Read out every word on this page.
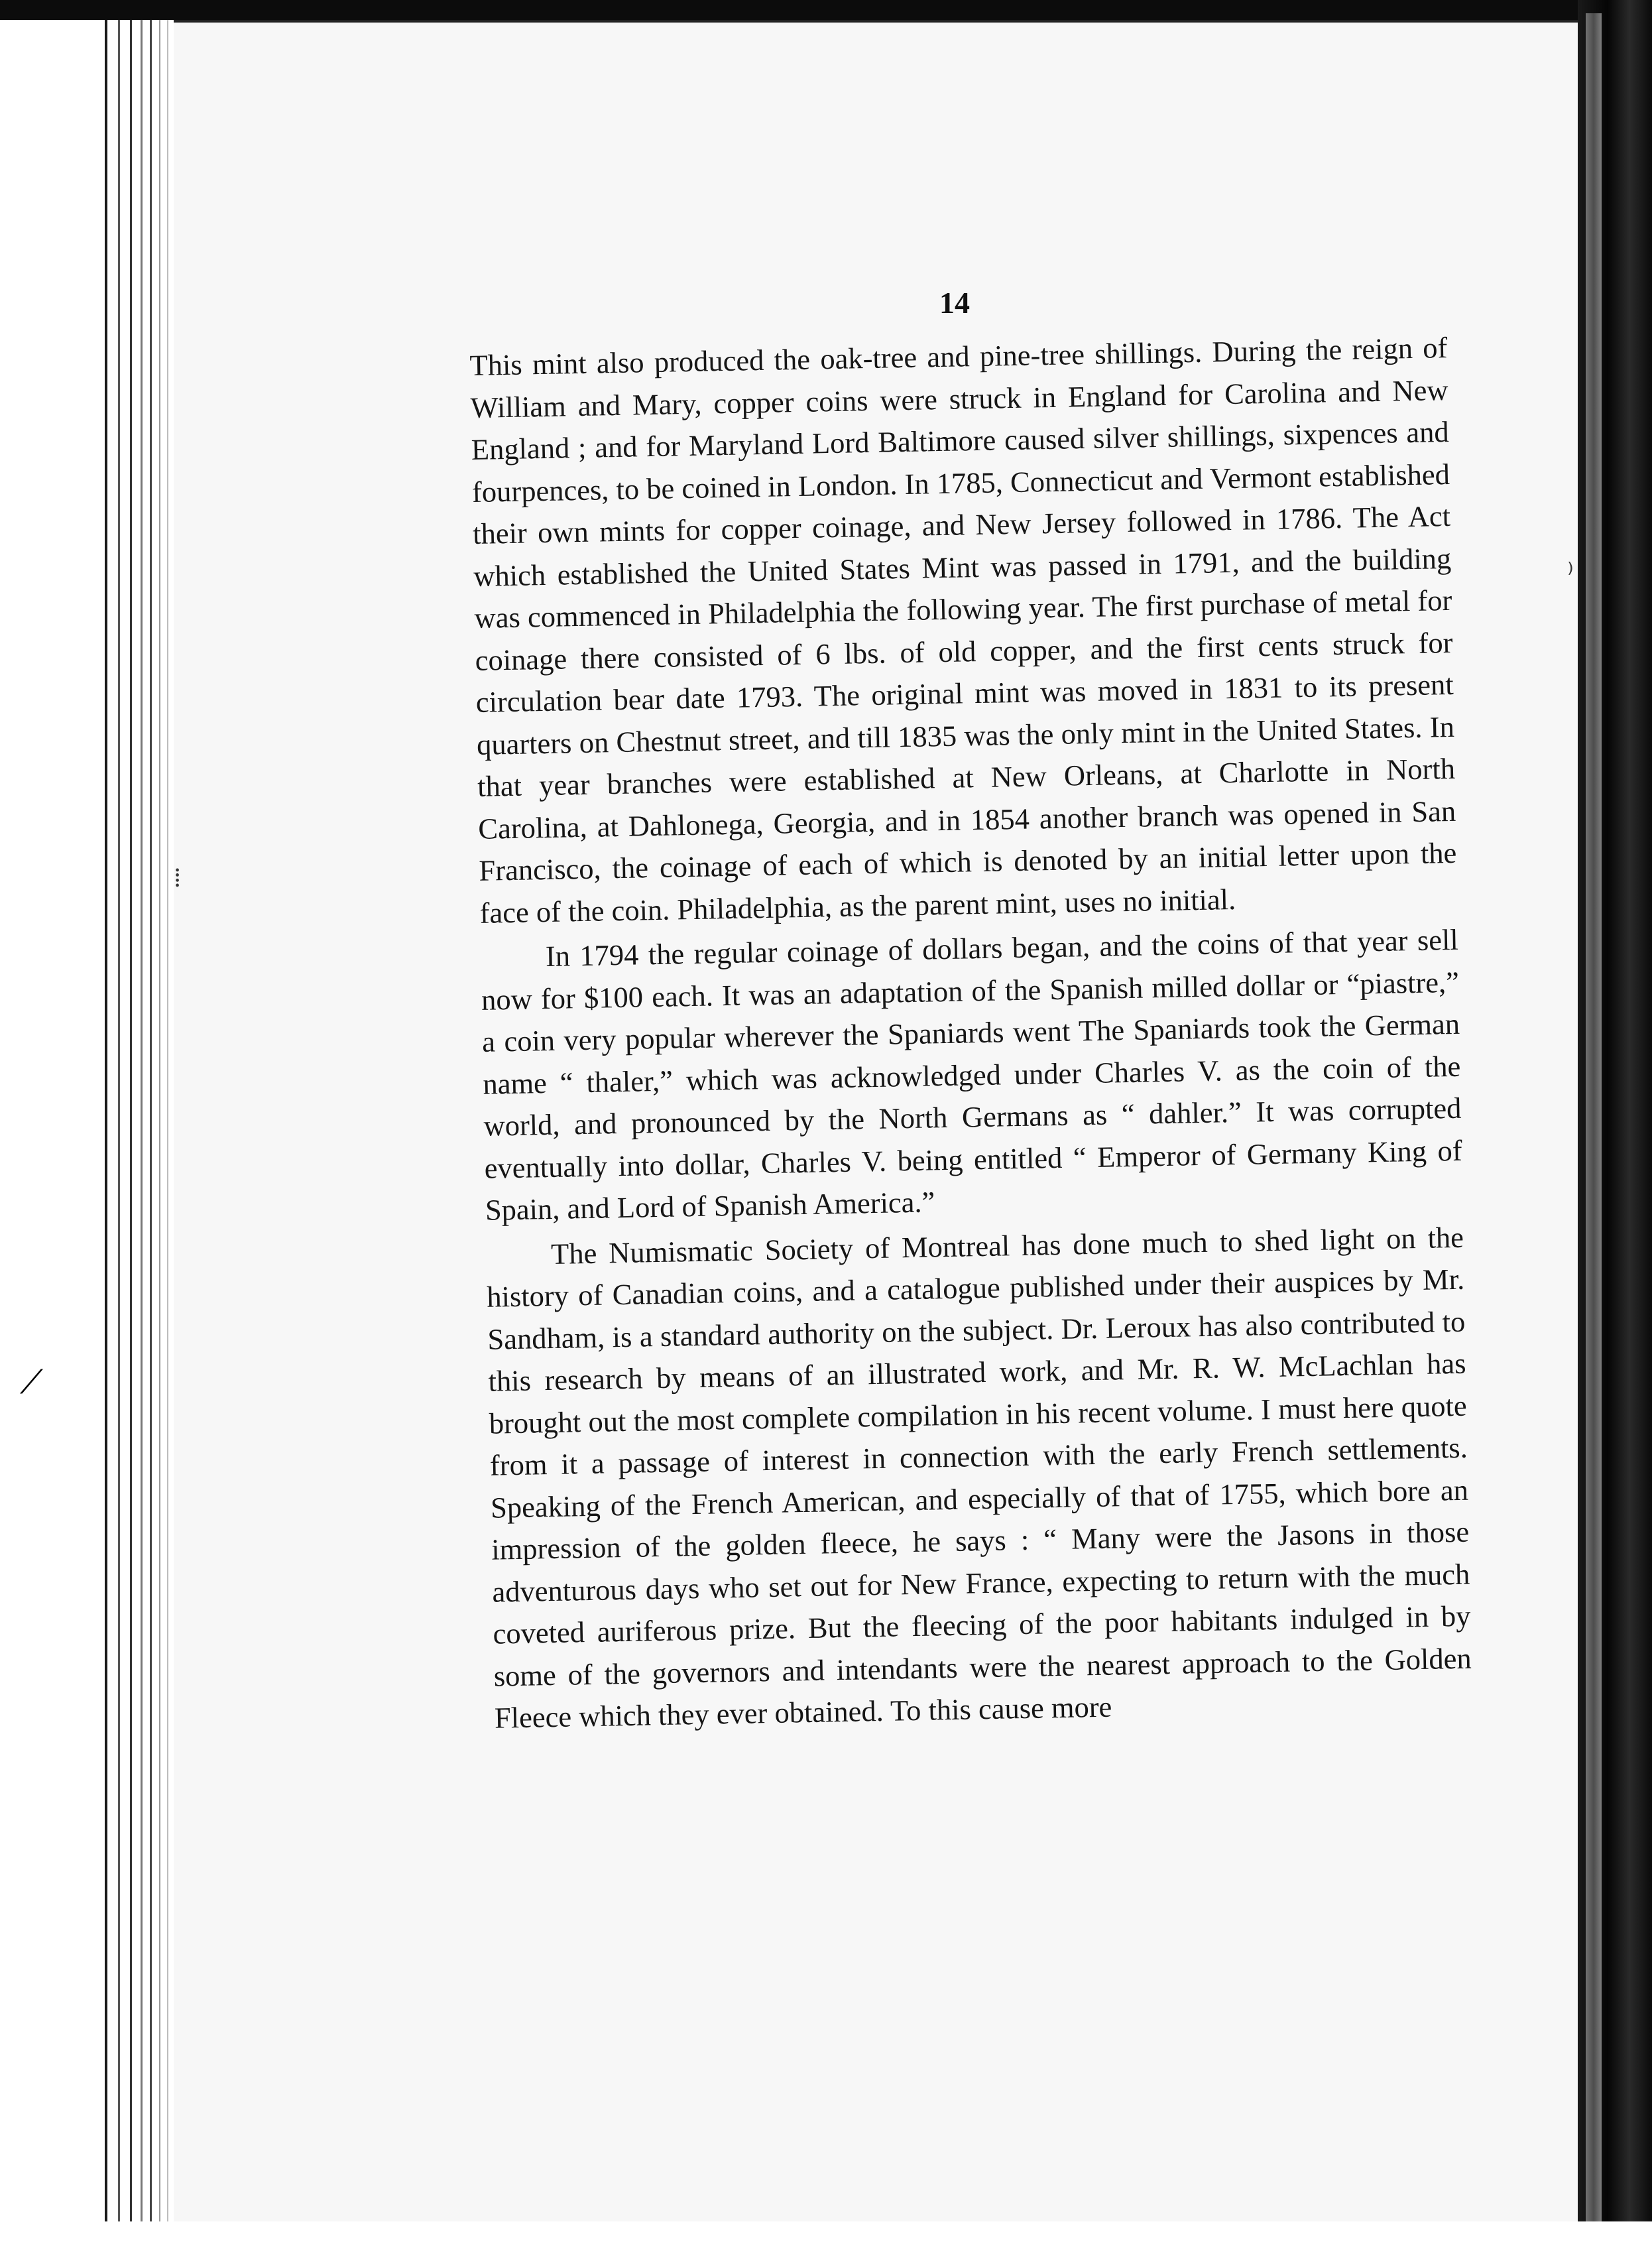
14

This mint also produced the oak-tree and pine-tree shillings. During the reign of William and Mary, copper coins were struck in England for Carolina and New England ; and for Maryland Lord Baltimore caused silver shillings, sixpences and fourpences, to be coined in London. In 1785, Connecticut and Vermont established their own mints for copper coinage, and New Jersey followed in 1786. The Act which established the United States Mint was passed in 1791, and the building was commenced in Philadelphia the following year. The first purchase of metal for coinage there consisted of 6 lbs. of old copper, and the first cents struck for circulation bear date 1793. The original mint was moved in 1831 to its present quarters on Chestnut street, and till 1835 was the only mint in the United States. In that year branches were established at New Orleans, at Charlotte in North Carolina, at Dahlonega, Georgia, and in 1854 another branch was opened in San Francisco, the coinage of each of which is denoted by an initial letter upon the face of the coin. Philadelphia, as the parent mint, uses no initial.

In 1794 the regular coinage of dollars began, and the coins of that year sell now for $100 each. It was an adaptation of the Spanish milled dollar or “piastre,” a coin very popular wherever the Spaniards went The Spaniards took the German name “ thaler,” which was acknowledged under Charles V. as the coin of the world, and pronounced by the North Germans as “ dahler.” It was corrupted eventually into dollar, Charles V. being entitled “ Emperor of Germany King of Spain, and Lord of Spanish America.”

The Numismatic Society of Montreal has done much to shed light on the history of Canadian coins, and a catalogue published under their auspices by Mr. Sandham, is a standard authority on the subject. Dr. Leroux has also contributed to this research by means of an illustrated work, and Mr. R. W. McLachlan has brought out the most complete compilation in his recent volume. I must here quote from it a passage of interest in connection with the early French settlements. Speaking of the French American, and especially of that of 1755, which bore an impression of the golden fleece, he says : “ Many were the Jasons in those adventurous days who set out for New France, expecting to return with the much coveted auriferous prize. But the fleecing of the poor habitants indulged in by some of the governors and intendants were the nearest approach to the Golden Fleece which they ever obtained. To this cause more

⁞
⟋
⁾
